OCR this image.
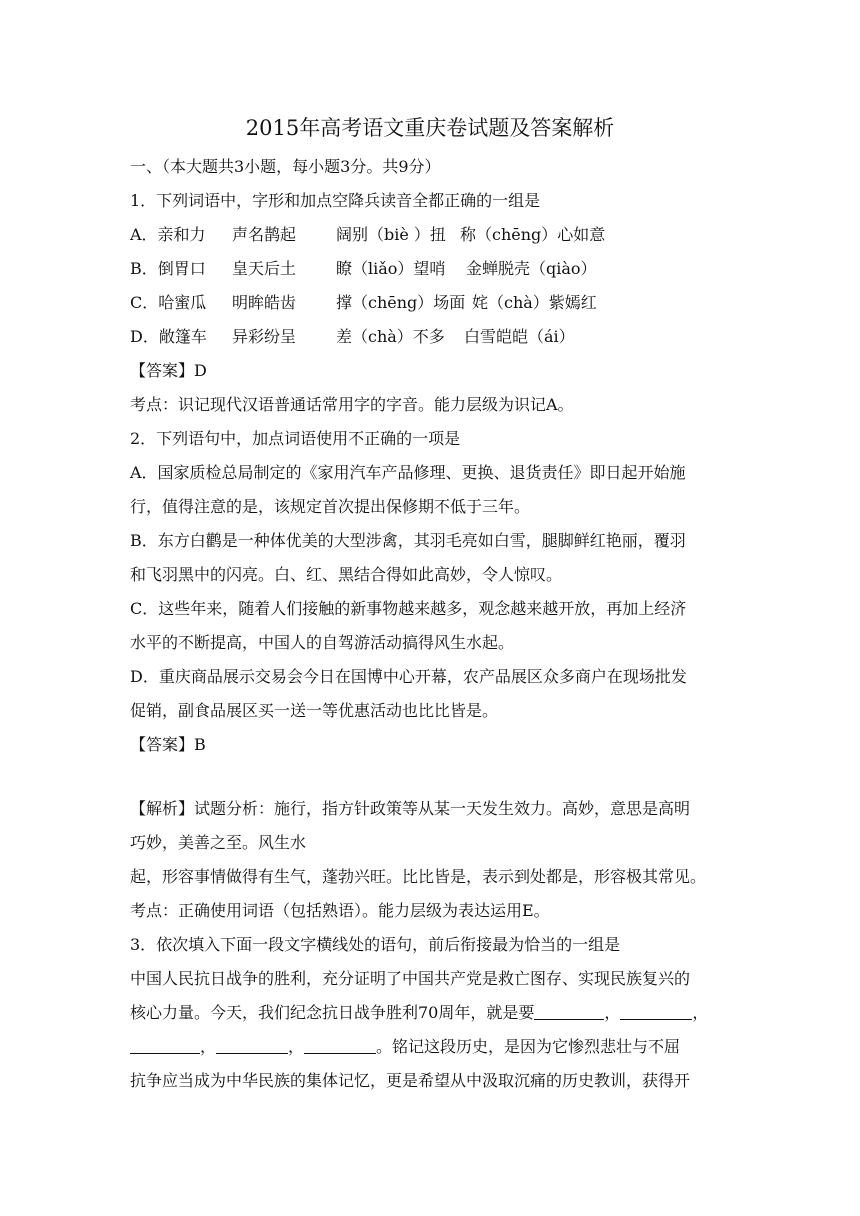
2015年高考语文重庆卷试题及答案解析
一、（本大题共3小题，每小题3分。共9分）
1．下列词语中，字形和加点空降兵读音全都正确的一组是
A．亲和力 声名鹊起 阔别（biè ）扭 称（chēng）心如意
B．倒胃口 皇天后土 瞭（liǎo）望哨 金蝉脱壳（qiào）
C．哈蜜瓜 明眸皓齿 撑（chēng）场面 姹（chà）紫嫣红
D．敞篷车 异彩纷呈 差（chà）不多 白雪皑皑（ái）
【答案】D
考点：识记现代汉语普通话常用字的字音。能力层级为识记A。
2．下列语句中，加点词语使用不正确的一项是
A．国家质检总局制定的《家用汽车产品修理、更换、退货责任》即日起开始施
行，值得注意的是，该规定首次提出保修期不低于三年。
B．东方白鹳是一种体优美的大型涉禽，其羽毛亮如白雪，腿脚鲜红艳丽，覆羽
和飞羽黑中的闪亮。白、红、黑结合得如此高妙，令人惊叹。
C．这些年来，随着人们接触的新事物越来越多，观念越来越开放，再加上经济
水平的不断提高，中国人的自驾游活动搞得风生水起。
D．重庆商品展示交易会今日在国博中心开幕，农产品展区众多商户在现场批发
促销，副食品展区买一送一等优惠活动也比比皆是。
【答案】B
【解析】试题分析：施行，指方针政策等从某一天发生效力。高妙，意思是高明
巧妙，美善之至。风生水
起，形容事情做得有生气，蓬勃兴旺。比比皆是，表示到处都是，形容极其常见。
考点：正确使用词语（包括熟语）。能力层级为表达运用E。
3．依次填入下面一段文字横线处的语句，前后衔接最为恰当的一组是
中国人民抗日战争的胜利，充分证明了中国共产党是救亡图存、实现民族复兴的
核心力量。今天，我们纪念抗日战争胜利70周年，就是要	，	，
，	，	。铭记这段历史，是因为它惨烈悲壮与不屈
抗争应当成为中华民族的集体记忆，更是希望从中汲取沉痛的历史教训，获得开
